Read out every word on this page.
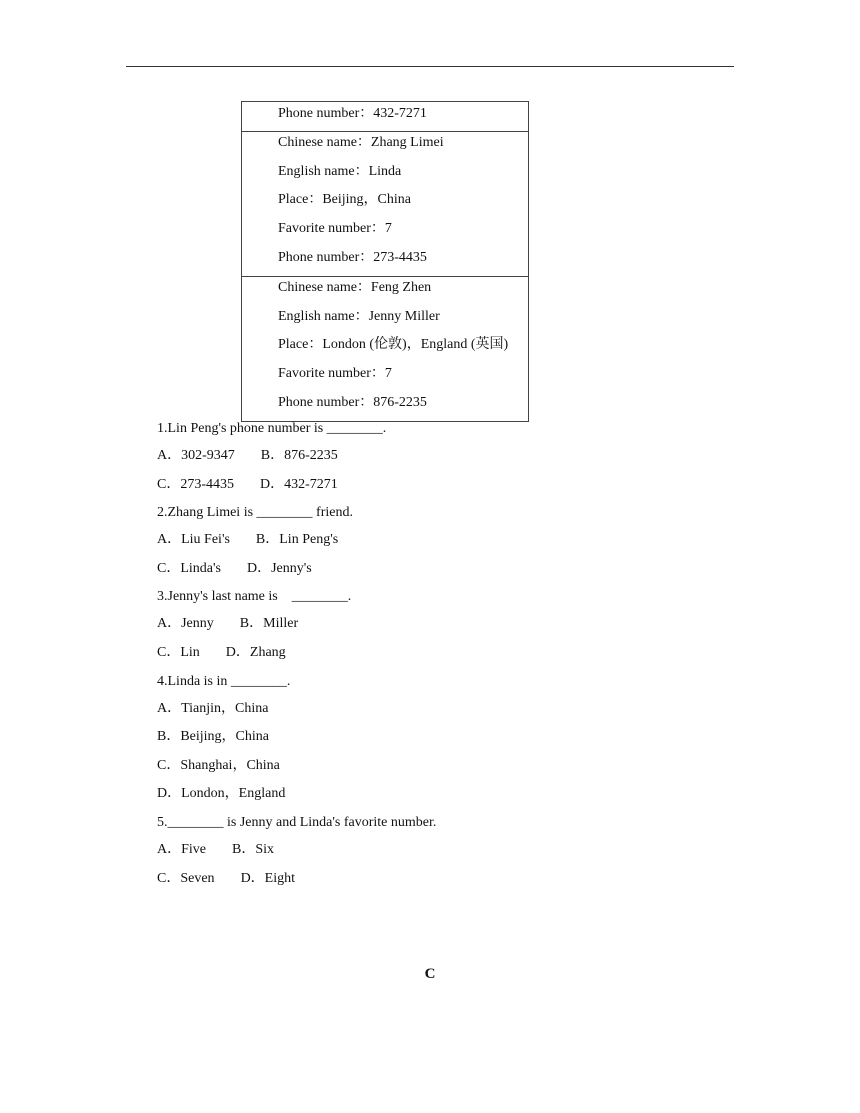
Phone number：432-7271

Chinese name：Zhang Limei
English name：Linda
Place：Beijing，China
Favorite number：7
Phone number：273-4435

Chinese name：Feng Zhen
English name：Jenny Miller
Place：London (伦敦)，England (英国)
Favorite number：7
Phone number：876-2235
1.Lin Peng's phone number is ________.
A．302-9347 B．876-2235
C．273-4435 D．432-7271
2.Zhang Limei is ________ friend.
A．Liu Fei's B．Lin Peng's
C．Linda's D．Jenny's
3.Jenny's last name is　________.
A．Jenny B．Miller
C．Lin D．Zhang
4.Linda is in ________.
A．Tianjin，China
B．Beijing，China
C．Shanghai，China
D．London，England
5.________ is Jenny and Linda's favorite number.
A．Five B．Six
C．Seven D．Eight
C
